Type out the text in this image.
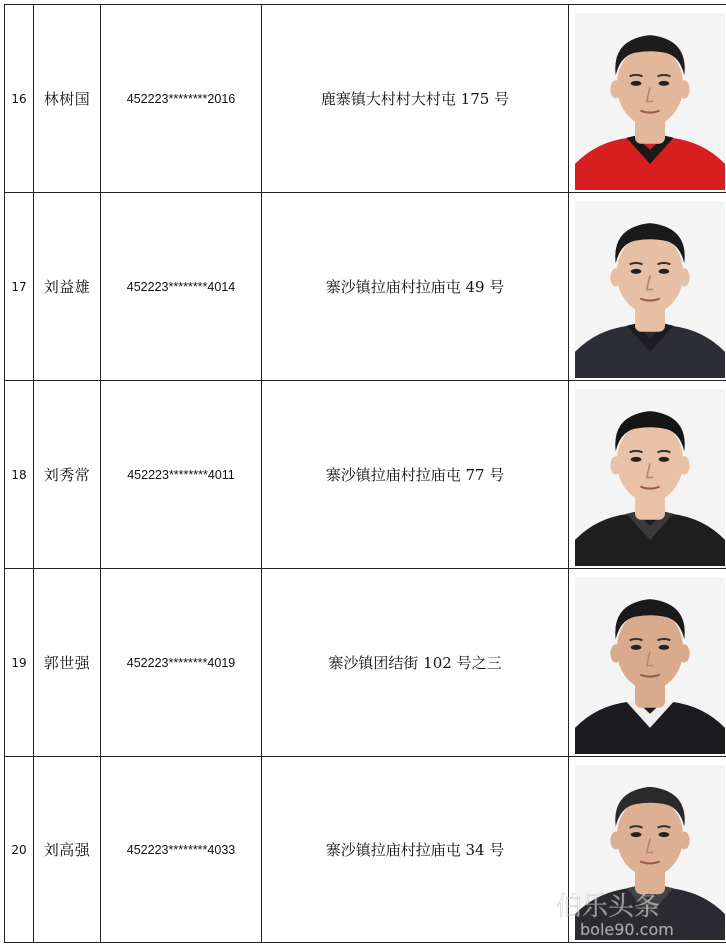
16	林树国	452223********2016	鹿寨镇大村村大村屯 175 号	

17	刘益雄	452223********4014	寨沙镇拉庙村拉庙屯 49 号	

18	刘秀常	452223********4011	寨沙镇拉庙村拉庙屯 77 号	

19	郭世强	452223********4019	寨沙镇团结街 102 号之三	

20	刘高强	452223********4033	寨沙镇拉庙村拉庙屯 34 号	
伯乐头条
bole90.com
